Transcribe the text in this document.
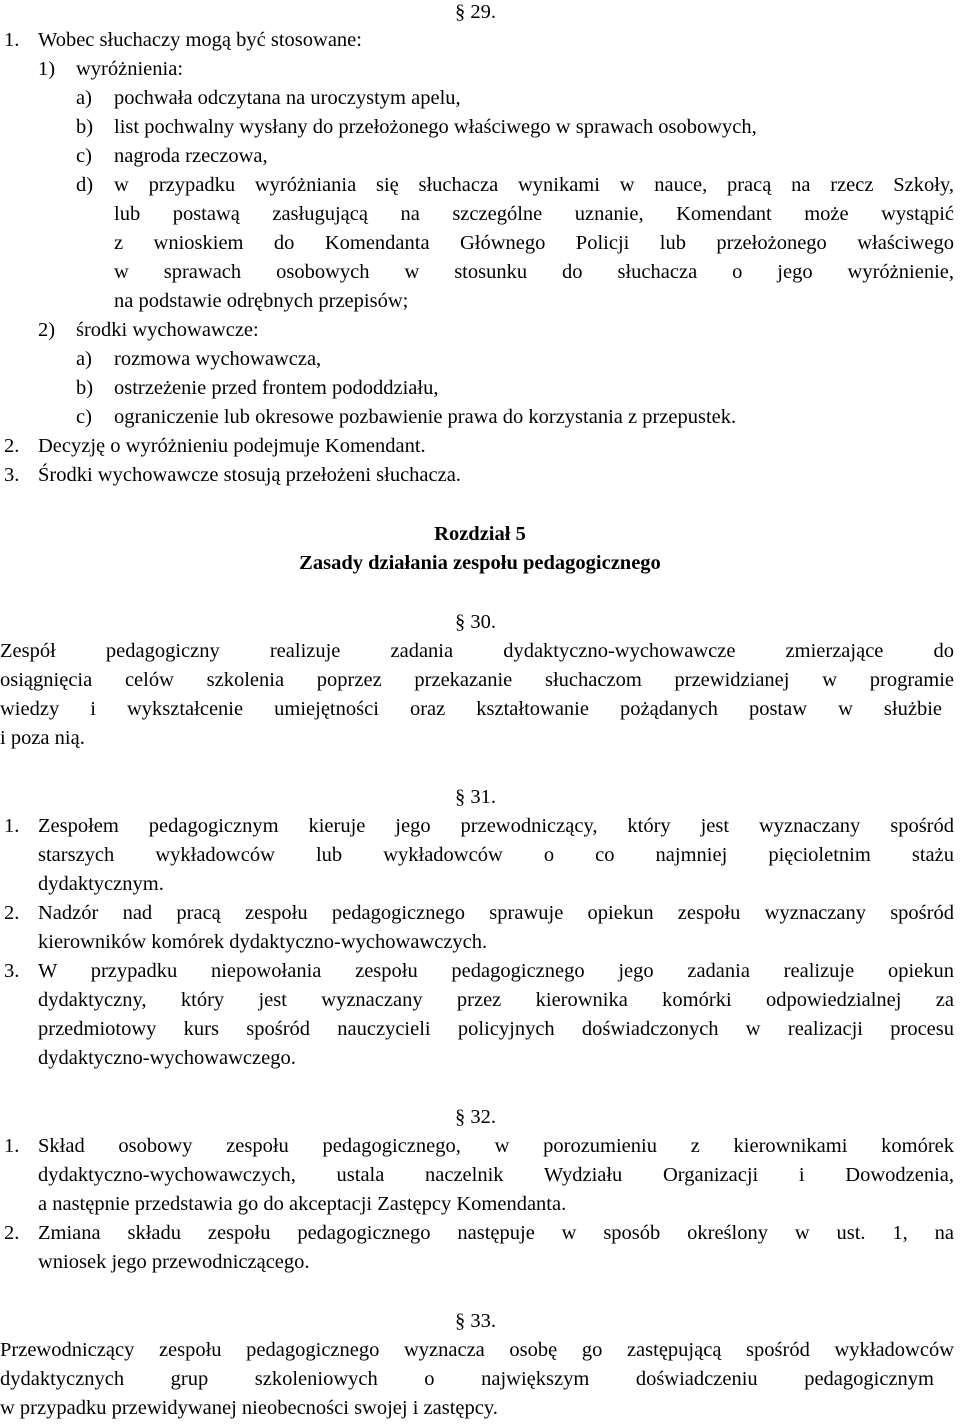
§ 29.
1. Wobec słuchaczy mogą być stosowane:
1) wyróżnienia:
a) pochwała odczytana na uroczystym apelu,
b) list pochwalny wysłany do przełożonego właściwego w sprawach osobowych,
c) nagroda rzeczowa,
d) w przypadku wyróżniania się słuchacza wynikami w nauce, pracą na rzecz Szkoły,
lub postawą zasługującą na szczególne uznanie, Komendant może wystąpić
z wnioskiem do Komendanta Głównego Policji lub przełożonego właściwego
w sprawach osobowych w stosunku do słuchacza o jego wyróżnienie,
na podstawie odrębnych przepisów;
2) środki wychowawcze:
a) rozmowa wychowawcza,
b) ostrzeżenie przed frontem pododdziału,
c) ograniczenie lub okresowe pozbawienie prawa do korzystania z przepustek.
2. Decyzję o wyróżnieniu podejmuje Komendant.
3. Środki wychowawcze stosują przełożeni słuchacza.
Rozdział 5
Zasady działania zespołu pedagogicznego
§ 30.
Zespół pedagogiczny realizuje zadania dydaktyczno-wychowawcze zmierzające do
osiągnięcia celów szkolenia poprzez przekazanie słuchaczom przewidzianej w programie
wiedzy i wykształcenie umiejętności oraz kształtowanie pożądanych postaw w służbie
i poza nią.
§ 31.
1. Zespołem pedagogicznym kieruje jego przewodniczący, który jest wyznaczany spośród
starszych wykładowców lub wykładowców o co najmniej pięcioletnim stażu
dydaktycznym.
2. Nadzór nad pracą zespołu pedagogicznego sprawuje opiekun zespołu wyznaczany spośród
kierowników komórek dydaktyczno-wychowawczych.
3. W przypadku niepowołania zespołu pedagogicznego jego zadania realizuje opiekun
dydaktyczny, który jest wyznaczany przez kierownika komórki odpowiedzialnej za
przedmiotowy kurs spośród nauczycieli policyjnych doświadczonych w realizacji procesu
dydaktyczno-wychowawczego.
§ 32.
1. Skład osobowy zespołu pedagogicznego, w porozumieniu z kierownikami komórek
dydaktyczno-wychowawczych, ustala naczelnik Wydziału Organizacji i Dowodzenia,
a następnie przedstawia go do akceptacji Zastępcy Komendanta.
2. Zmiana składu zespołu pedagogicznego następuje w sposób określony w ust. 1, na
wniosek jego przewodniczącego.
§ 33.
Przewodniczący zespołu pedagogicznego wyznacza osobę go zastępującą spośród wykładowców
dydaktycznych grup szkoleniowych o największym doświadczeniu pedagogicznym
w przypadku przewidywanej nieobecności swojej i zastępcy.
